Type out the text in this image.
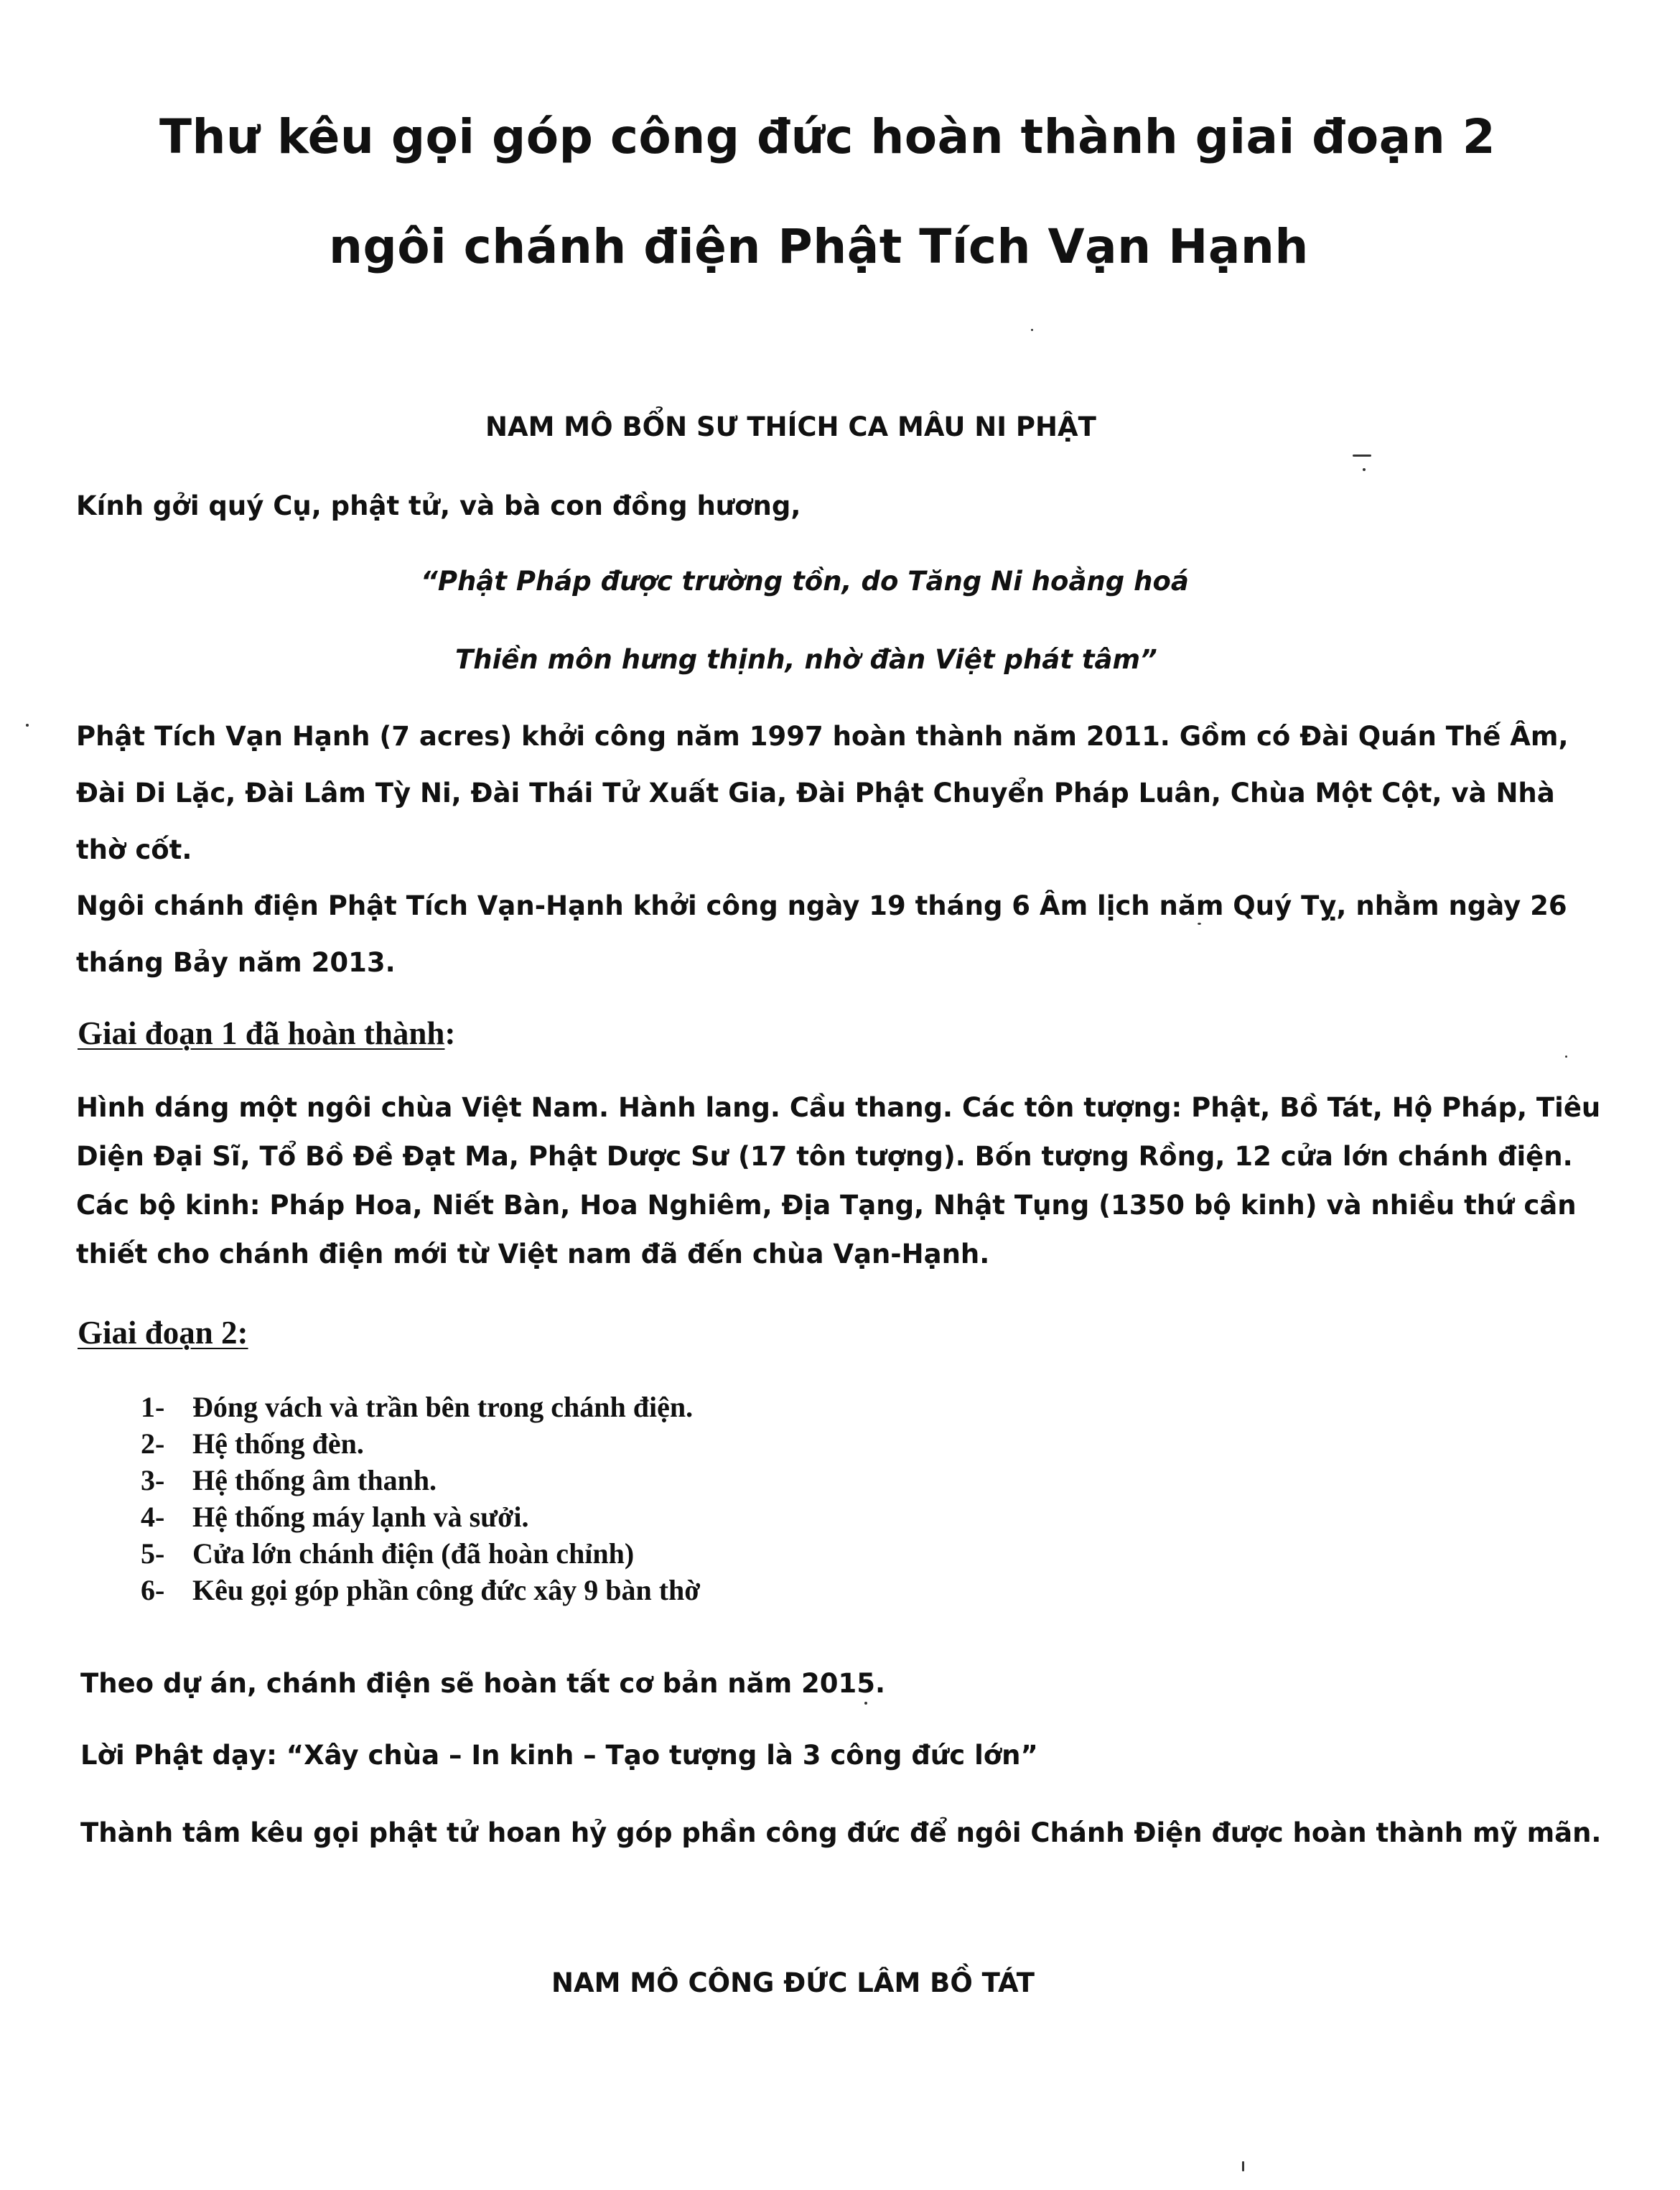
Thư kêu gọi góp công đức hoàn thành giai đoạn 2
ngôi chánh điện Phật Tích Vạn Hạnh
NAM MÔ BỔN SƯ THÍCH CA MÂU NI PHẬT
Kính gởi quý Cụ, phật tử, và bà con đồng hương,
“Phật Pháp được trường tồn, do Tăng Ni hoằng hoá
Thiền môn hưng thịnh, nhờ đàn Việt phát tâm”
Phật Tích Vạn Hạnh (7 acres) khởi công năm 1997 hoàn thành năm 2011. Gồm có Đài Quán Thế Âm,
Đài Di Lặc, Đài Lâm Tỳ Ni, Đài Thái Tử Xuất Gia, Đài Phật Chuyển Pháp Luân, Chùa Một Cột, và Nhà
thờ cốt.
Ngôi chánh điện Phật Tích Vạn-Hạnh khởi công ngày 19 tháng 6 Âm lịch năm Quý Tỵ, nhằm ngày 26
tháng Bảy năm 2013.
Giai đoạn 1 đã hoàn thành:
Hình dáng một ngôi chùa Việt Nam. Hành lang. Cầu thang. Các tôn tượng: Phật, Bồ Tát, Hộ Pháp, Tiêu
Diện Đại Sĩ, Tổ Bồ Đề Đạt Ma, Phật Dược Sư (17 tôn tượng). Bốn tượng Rồng, 12 cửa lớn chánh điện.
Các bộ kinh: Pháp Hoa, Niết Bàn, Hoa Nghiêm, Địa Tạng, Nhật Tụng (1350 bộ kinh) và nhiều thứ cần
thiết cho chánh điện mới từ Việt nam đã đến chùa Vạn-Hạnh.
Giai đoạn 2:
1- Đóng vách và trần bên trong chánh điện.
2- Hệ thống đèn.
3- Hệ thống âm thanh.
4- Hệ thống máy lạnh và sưởi.
5- Cửa lớn chánh điện (đã hoàn chỉnh)
6- Kêu gọi góp phần công đức xây 9 bàn thờ
Theo dự án, chánh điện sẽ hoàn tất cơ bản năm 2015.
Lời Phật dạy: “Xây chùa – In kinh – Tạo tượng là 3 công đức lớn”
Thành tâm kêu gọi phật tử hoan hỷ góp phần công đức để ngôi Chánh Điện được hoàn thành mỹ mãn.
NAM MÔ CÔNG ĐỨC LÂM BỒ TÁT
